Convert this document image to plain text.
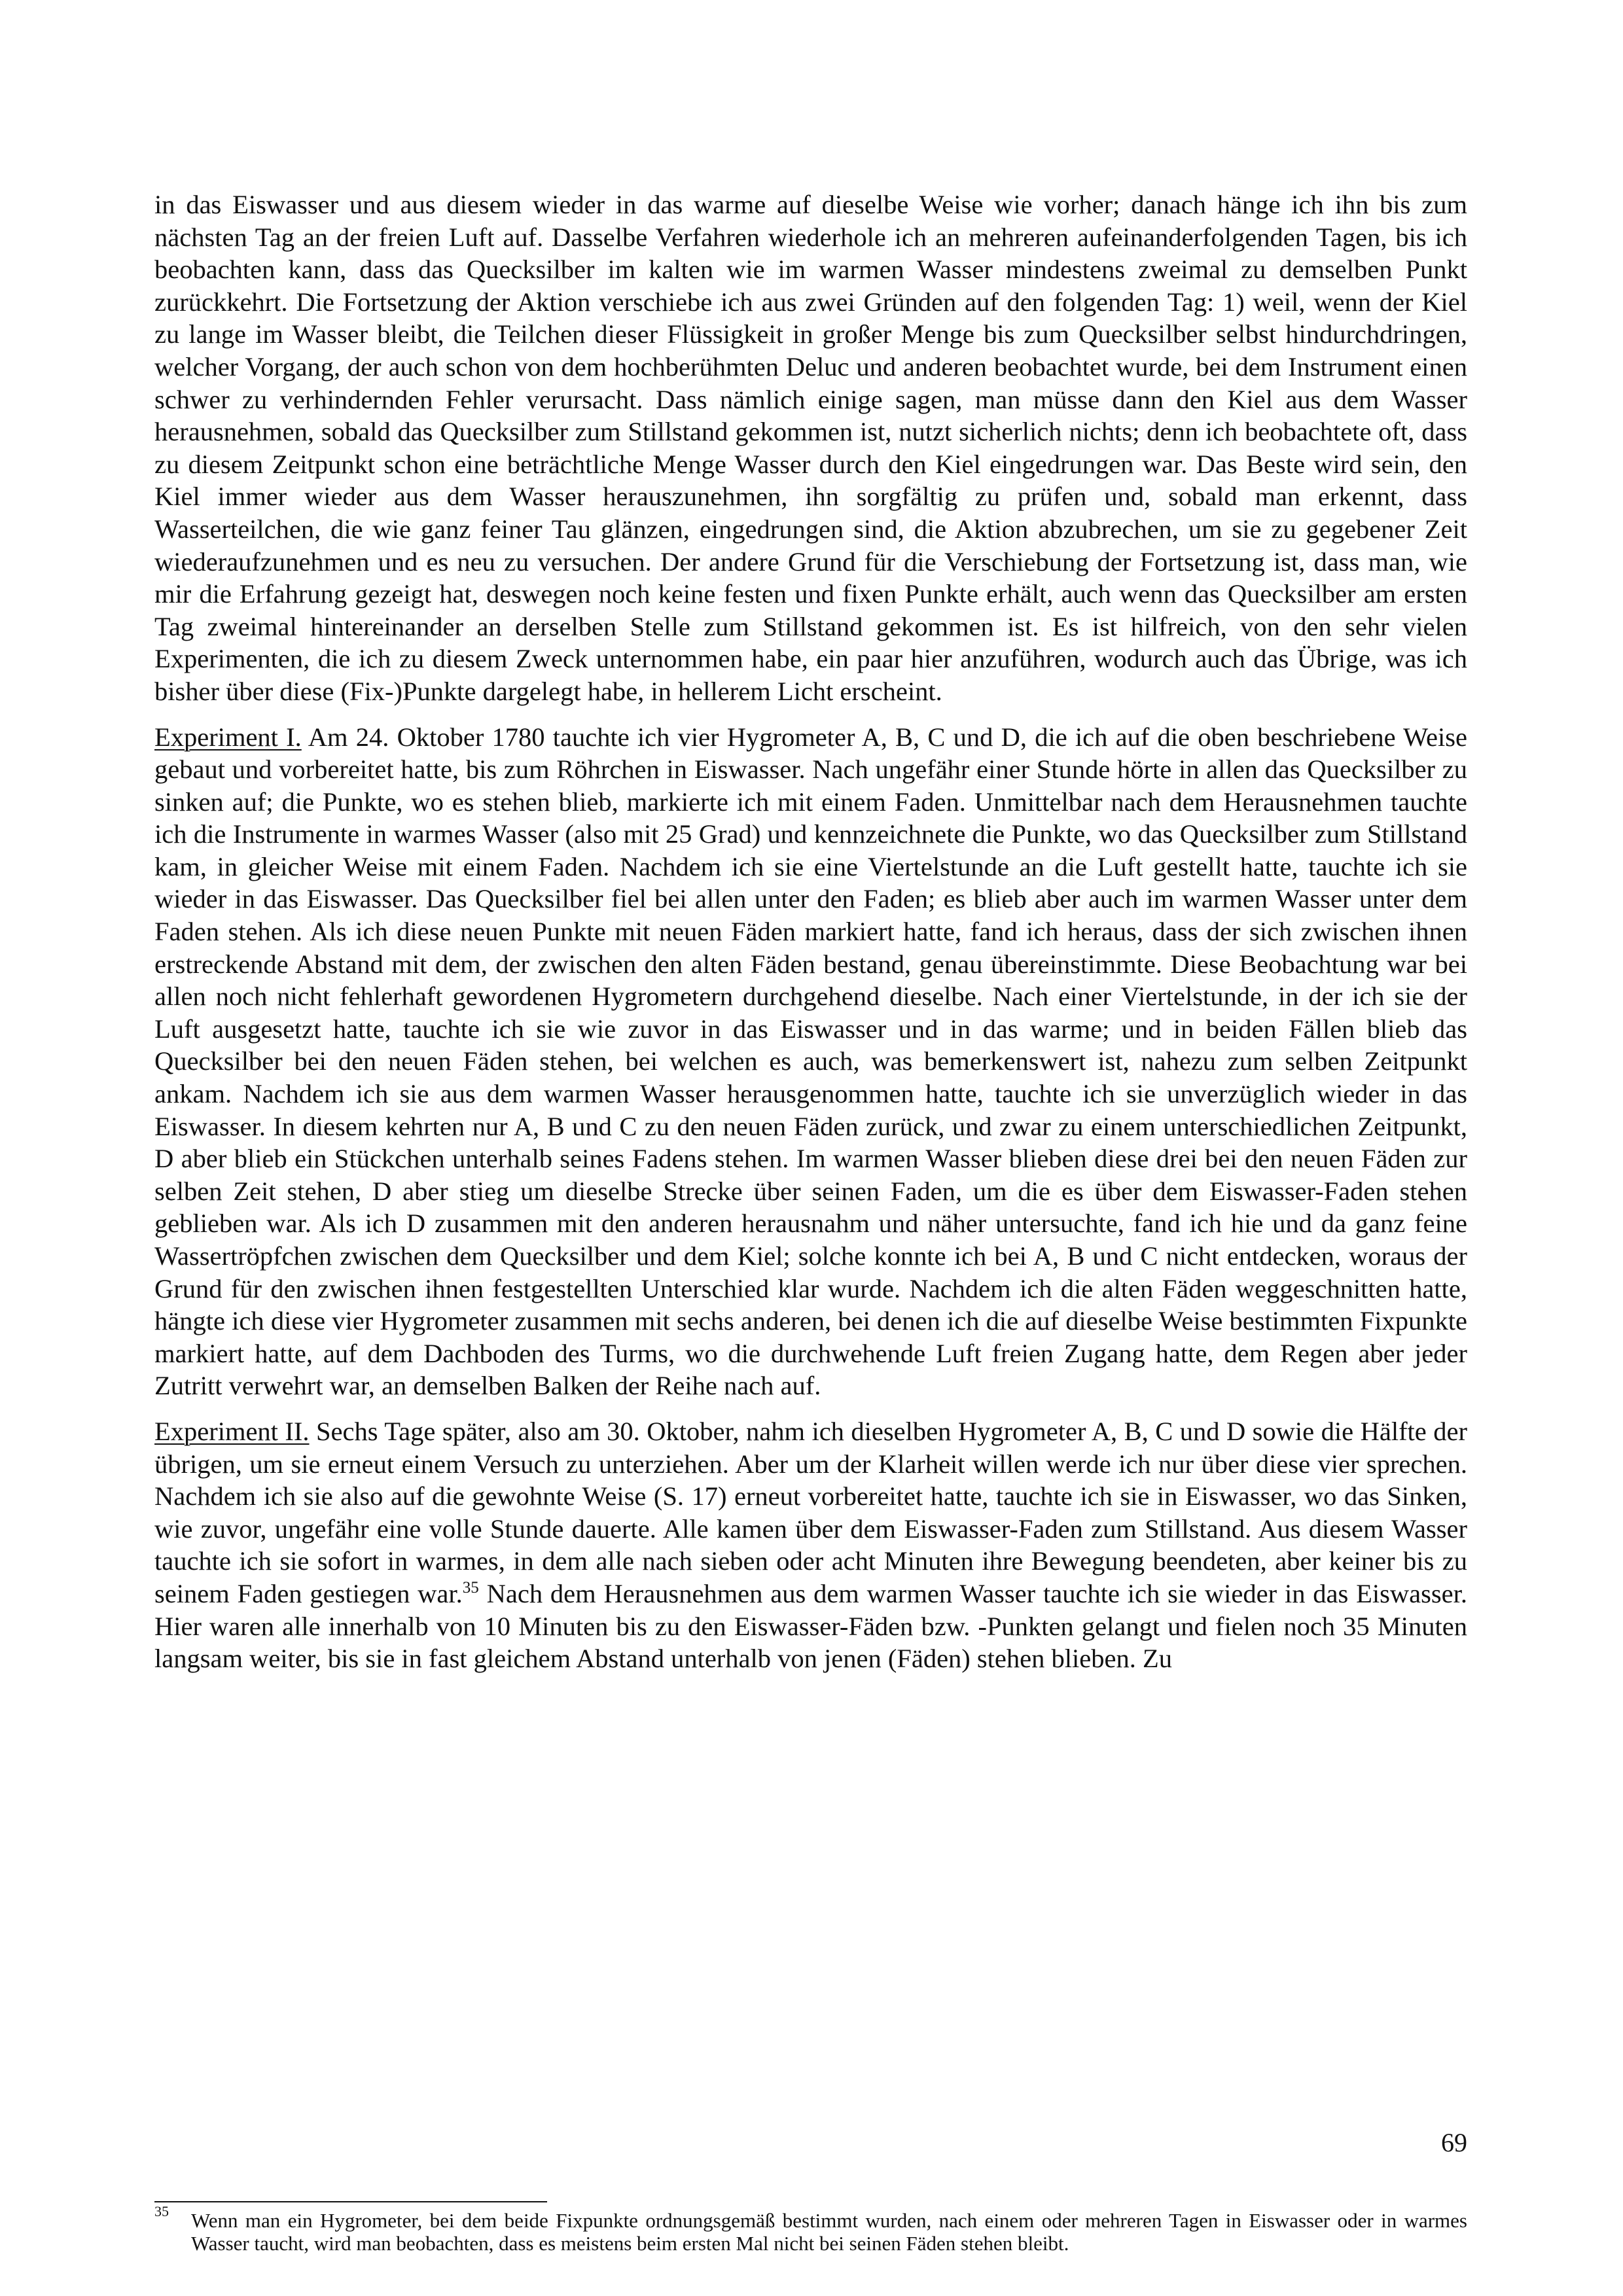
in das Eiswasser und aus diesem wieder in das warme auf dieselbe Weise wie vorher; danach hänge ich ihn bis zum nächsten Tag an der freien Luft auf. Dasselbe Verfahren wiederhole ich an mehreren aufeinanderfolgenden Tagen, bis ich beobachten kann, dass das Quecksilber im kalten wie im warmen Wasser mindestens zweimal zu demselben Punkt zurückkehrt. Die Fortsetzung der Aktion verschiebe ich aus zwei Gründen auf den folgenden Tag: 1) weil, wenn der Kiel zu lange im Wasser bleibt, die Teilchen dieser Flüssigkeit in großer Menge bis zum Quecksilber selbst hindurchdringen, welcher Vorgang, der auch schon von dem hochberühmten Deluc und anderen beobachtet wurde, bei dem Instrument einen schwer zu verhindernden Fehler verursacht. Dass nämlich einige sagen, man müsse dann den Kiel aus dem Wasser herausnehmen, sobald das Quecksilber zum Stillstand gekommen ist, nutzt sicherlich nichts; denn ich beobachtete oft, dass zu diesem Zeitpunkt schon eine beträchtliche Menge Wasser durch den Kiel eingedrungen war. Das Beste wird sein, den Kiel immer wieder aus dem Wasser herauszunehmen, ihn sorgfältig zu prüfen und, sobald man erkennt, dass Wasserteilchen, die wie ganz feiner Tau glänzen, eingedrungen sind, die Aktion abzubrechen, um sie zu gegebener Zeit wiederaufzunehmen und es neu zu versuchen. Der andere Grund für die Verschiebung der Fortsetzung ist, dass man, wie mir die Erfahrung gezeigt hat, deswegen noch keine festen und fixen Punkte erhält, auch wenn das Quecksilber am ersten Tag zweimal hintereinander an derselben Stelle zum Stillstand gekommen ist. Es ist hilfreich, von den sehr vielen Experimenten, die ich zu diesem Zweck unternommen habe, ein paar hier anzuführen, wodurch auch das Übrige, was ich bisher über diese (Fix-)Punkte dargelegt habe, in hellerem Licht erscheint.

Experiment I. Am 24. Oktober 1780 tauchte ich vier Hygrometer A, B, C und D, die ich auf die oben beschriebene Weise gebaut und vorbereitet hatte, bis zum Röhrchen in Eiswasser. Nach ungefähr einer Stunde hörte in allen das Quecksilber zu sinken auf; die Punkte, wo es stehen blieb, markierte ich mit einem Faden. Unmittelbar nach dem Herausnehmen tauchte ich die Instrumente in warmes Wasser (also mit 25 Grad) und kennzeichnete die Punkte, wo das Quecksilber zum Stillstand kam, in gleicher Weise mit einem Faden. Nachdem ich sie eine Viertelstunde an die Luft gestellt hatte, tauchte ich sie wieder in das Eiswasser. Das Quecksilber fiel bei allen unter den Faden; es blieb aber auch im warmen Wasser unter dem Faden stehen. Als ich diese neuen Punkte mit neuen Fäden markiert hatte, fand ich heraus, dass der sich zwischen ihnen erstreckende Abstand mit dem, der zwischen den alten Fäden bestand, genau übereinstimmte. Diese Beobachtung war bei allen noch nicht fehlerhaft gewordenen Hygrometern durchgehend dieselbe. Nach einer Viertelstunde, in der ich sie der Luft ausgesetzt hatte, tauchte ich sie wie zuvor in das Eiswasser und in das warme; und in beiden Fällen blieb das Quecksilber bei den neuen Fäden stehen, bei welchen es auch, was bemerkenswert ist, nahezu zum selben Zeitpunkt ankam. Nachdem ich sie aus dem warmen Wasser herausgenommen hatte, tauchte ich sie unverzüglich wieder in das Eiswasser. In diesem kehrten nur A, B und C zu den neuen Fäden zurück, und zwar zu einem unterschiedlichen Zeitpunkt, D aber blieb ein Stückchen unterhalb seines Fadens stehen. Im warmen Wasser blieben diese drei bei den neuen Fäden zur selben Zeit stehen, D aber stieg um dieselbe Strecke über seinen Faden, um die es über dem Eiswasser-Faden stehen geblieben war. Als ich D zusammen mit den anderen herausnahm und näher untersuchte, fand ich hie und da ganz feine Wassertröpfchen zwischen dem Quecksilber und dem Kiel; solche konnte ich bei A, B und C nicht entdecken, woraus der Grund für den zwischen ihnen festgestellten Unterschied klar wurde. Nachdem ich die alten Fäden weggeschnitten hatte, hängte ich diese vier Hygrometer zusammen mit sechs anderen, bei denen ich die auf dieselbe Weise bestimmten Fixpunkte markiert hatte, auf dem Dachboden des Turms, wo die durchwehende Luft freien Zugang hatte, dem Regen aber jeder Zutritt verwehrt war, an demselben Balken der Reihe nach auf.

Experiment II. Sechs Tage später, also am 30. Oktober, nahm ich dieselben Hygrometer A, B, C und D sowie die Hälfte der übrigen, um sie erneut einem Versuch zu unterziehen. Aber um der Klarheit willen werde ich nur über diese vier sprechen. Nachdem ich sie also auf die gewohnte Weise (S. 17) erneut vorbereitet hatte, tauchte ich sie in Eiswasser, wo das Sinken, wie zuvor, ungefähr eine volle Stunde dauerte. Alle kamen über dem Eiswasser-Faden zum Stillstand. Aus diesem Wasser tauchte ich sie sofort in warmes, in dem alle nach sieben oder acht Minuten ihre Bewegung beendeten, aber keiner bis zu seinem Faden gestiegen war.$^{35}$ Nach dem Herausnehmen aus dem warmen Wasser tauchte ich sie wieder in das Eiswasser. Hier waren alle innerhalb von 10 Minuten bis zu den Eiswasser-Fäden bzw. -Punkten gelangt und fielen noch 35 Minuten langsam weiter, bis sie in fast gleichem Abstand unterhalb von jenen (Fäden) stehen blieben. Zu

35 Wenn man ein Hygrometer, bei dem beide Fixpunkte ordnungsgemäß bestimmt wurden, nach einem oder mehreren Tagen in Eiswasser oder in warmes Wasser taucht, wird man beobachten, dass es meistens beim ersten Mal nicht bei seinen Fäden stehen bleibt.
69
